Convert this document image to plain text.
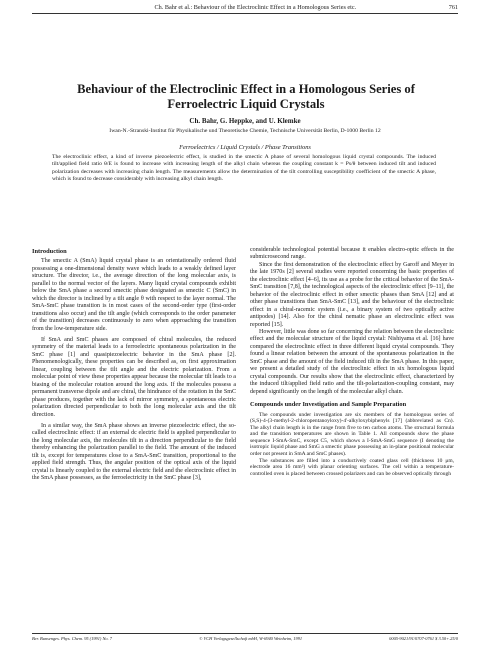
Ch. Bahr et al.: Behaviour of the Electroclinic Effect in a Homologous Series etc.	761
Behaviour of the Electroclinic Effect in a Homologous Series of Ferroelectric Liquid Crystals
Ch. Bahr, G. Heppke, and U. Klemke
Iwan-N.-Stranski-Institut für Physikalische und Theoretische Chemie, Technische Universität Berlin, D-1000 Berlin 12
Ferroelectrics / Liquid Crystals / Phase Transitions
The electroclinic effect, a kind of inverse piezoelectric effect, is studied in the smectic A phase of several homologous liquid crystal compounds. The induced tilt/applied field ratio θ/E is found to increase with increasing length of the alkyl chain whereas the coupling constant k = Ps/θ between induced tilt and induced polarization decreases with increasing chain length. The measurements allow the determination of the tilt controlling susceptibility coefficient of the smectic A phase, which is found to decrease considerably with increasing alkyl chain length.
Introduction

The smectic A (SmA) liquid crystal phase is an orientationally ordered fluid possessing a one-dimensional density wave which leads to a weakly defined layer structure. The director, i.e., the average direction of the long molecular axis, is parallel to the normal vector of the layers. Many liquid crystal compounds exhibit below the SmA phase a second smectic phase designated as smectic C (SmC) in which the director is inclined by a tilt angle θ with respect to the layer normal. The SmA-SmC phase transition is in most cases of the second-order type (first-order transitions also occur) and the tilt angle (which corresponds to the order parameter of the transition) decreases continuously to zero when approaching the transition from the low-temperature side.

If SmA and SmC phases are composed of chiral molecules, the reduced symmetry of the material leads to a ferroelectric spontaneous polarization in the SmC phase [1] and quasipiezoelectric behavior in the SmA phase [2]. Phenomenologically, these properties can be described as, on first approximation linear, coupling between the tilt angle and the electric polarization. From a molecular point of view these properties appear because the molecular tilt leads to a biasing of the molecular rotation around the long axis. If the molecules possess a permanent transverse dipole and are chiral, the hindrance of the rotation in the SmC phase produces, together with the lack of mirror symmetry, a spontaneous electric polarization directed perpendicular to both the long molecular axis and the tilt direction.

In a similar way, the SmA phase shows an inverse piezoelectric effect, the so-called electroclinic effect: if an external dc electric field is applied perpendicular to the long molecular axis, the molecules tilt in a direction perpendicular to the field thereby enhancing the polarization parallel to the field. The amount of the induced tilt is, except for temperatures close to a SmA-SmC transition, proportional to the applied field strength. Thus, the angular position of the optical axis of the liquid crystal is linearly coupled to the external electric field and the electroclinic effect in the SmA phase possesses, as the ferroelectricity in the SmC phase [3],

considerable technological potential because it enables electro-optic effects in the submicrosecond range.

Since the first demonstration of the electroclinic effect by Garoff and Meyer in the late 1970s [2] several studies were reported concerning the basic properties of the electroclinic effect [4–6], its use as a probe for the critical behavior of the SmA-SmC transition [7,8], the technological aspects of the electroclinic effect [9–11], the behavior of the electroclinic effect in other smectic phases than SmA [12] and at other phase transitions than SmA-SmC [13], and the behaviour of the electroclinic effect in a chiral-racemic system (i.e., a binary system of two optically active antipodes) [14]. Also for the chiral nematic phase an electroclinic effect was reported [15].

However, little was done so far concerning the relation between the electroclinic effect and the molecular structure of the liquid crystal: Nishiyama et al. [16] have compared the electroclinic effect in three different liquid crystal compounds. They found a linear relation between the amount of the spontaneous polarization in the SmC phase and the amount of the field induced tilt in the SmA phase. In this paper, we present a detailed study of the electroclinic effect in six homologous liquid crystal compounds. Our results show that the electroclinic effect, characterized by the induced tilt/applied field ratio and the tilt-polarization-coupling constant, may depend significantly on the length of the molecular alkyl chain.

Compounds under Investigation and Sample Preparation

The compounds under investigation are six members of the homologous series of (S,S)-4-(3-methyl-2-chloropentanoyloxy)-4'-alkyloxybiphenyls [17] (abbreviated as Cn). The alkyl chain length is in the range from five to ten carbon atoms. The structural formula and the transition temperatures are shown in Table 1. All compounds show the phase sequence I-SmA-SmC, except C5, which shows a I-SmA-SmG sequence (I denoting the isotropic liquid phase and SmG a smectic phase possessing an in-plane positional molecular order not present in SmA and SmC phases).

The substances are filled into a conductively coated glass cell (thickness 10 μm, electrode area 16 mm²) with planar orienting surfaces. The cell within a temperature-controlled oven is placed between crossed polarizers and can be observed optically through

Ber. Bunsenges. Phys. Chem. 95 (1991) No. 7	© VCH Verlagsgesellschaft mbH, W-6940 Weinheim, 1991	0005-9021/91/0707-0761 $ 3.50+.25/0
